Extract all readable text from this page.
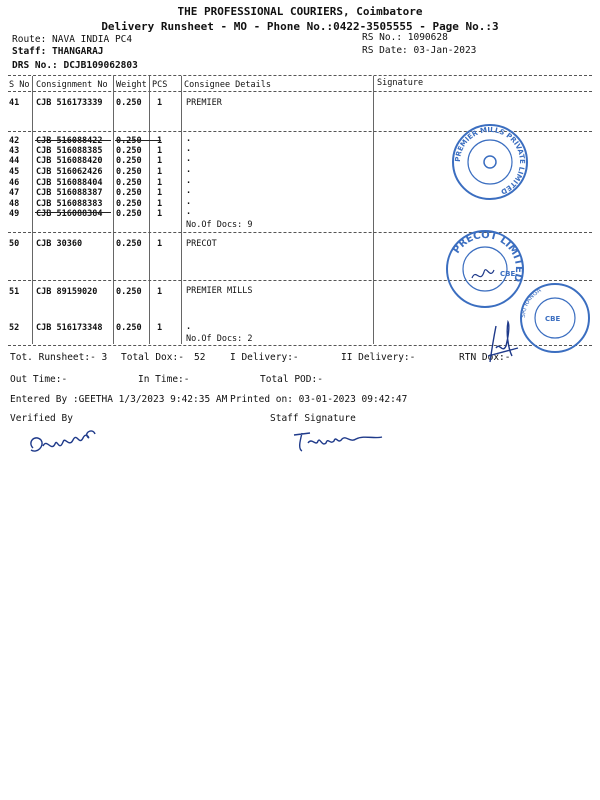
THE PROFESSIONAL COURIERS, Coimbatore
Delivery Runsheet - MO - Phone No.:0422-3505555 - Page No.:3
Route: NAVA INDIA PC4
Staff: THANGARAJ
DRS No.: DCJB109062803
RS No.: 1090628
RS Date: 03-Jan-2023
S No Consignment No Weight PCS Consignee Details	Signature
41 CJB 516173339 0.250 1	PREMIER
42 CJB 516088422 0.250 1	.
43 CJB 516088385 0.250 1	.
44 CJB 516088420 0.250 1	.
45 CJB 516062426 0.250 1	.
46 CJB 516088404 0.250 1	.
47 CJB 516088387 0.250 1	.
48 CJB 516088383 0.250 1	.
49 CJB 516088384 0.250 1	.
No.Of Docs: 9
50 CJB 30360	0.250 1	PRECOT
51 CJB 89159020 0.250 1	PREMIER MILLS
52 CJB 516173348 0.250 1	.
No.Of Docs: 2
Tot. Runsheet:- 3 Total Dox:- 52	I Delivery:-	II Delivery:-	RTN Dox:-
Out Time:-	In Time:-	Total POD:-
Entered By :GEETHA 1/3/2023 9:42:35 AM Printed on: 03-01-2023 09:42:47
Verified By	Staff Signature
PREMIER MILLS PRIVATE LIMITED
PRECOT LIMITED
CBE
SRI RANGA
CBE
